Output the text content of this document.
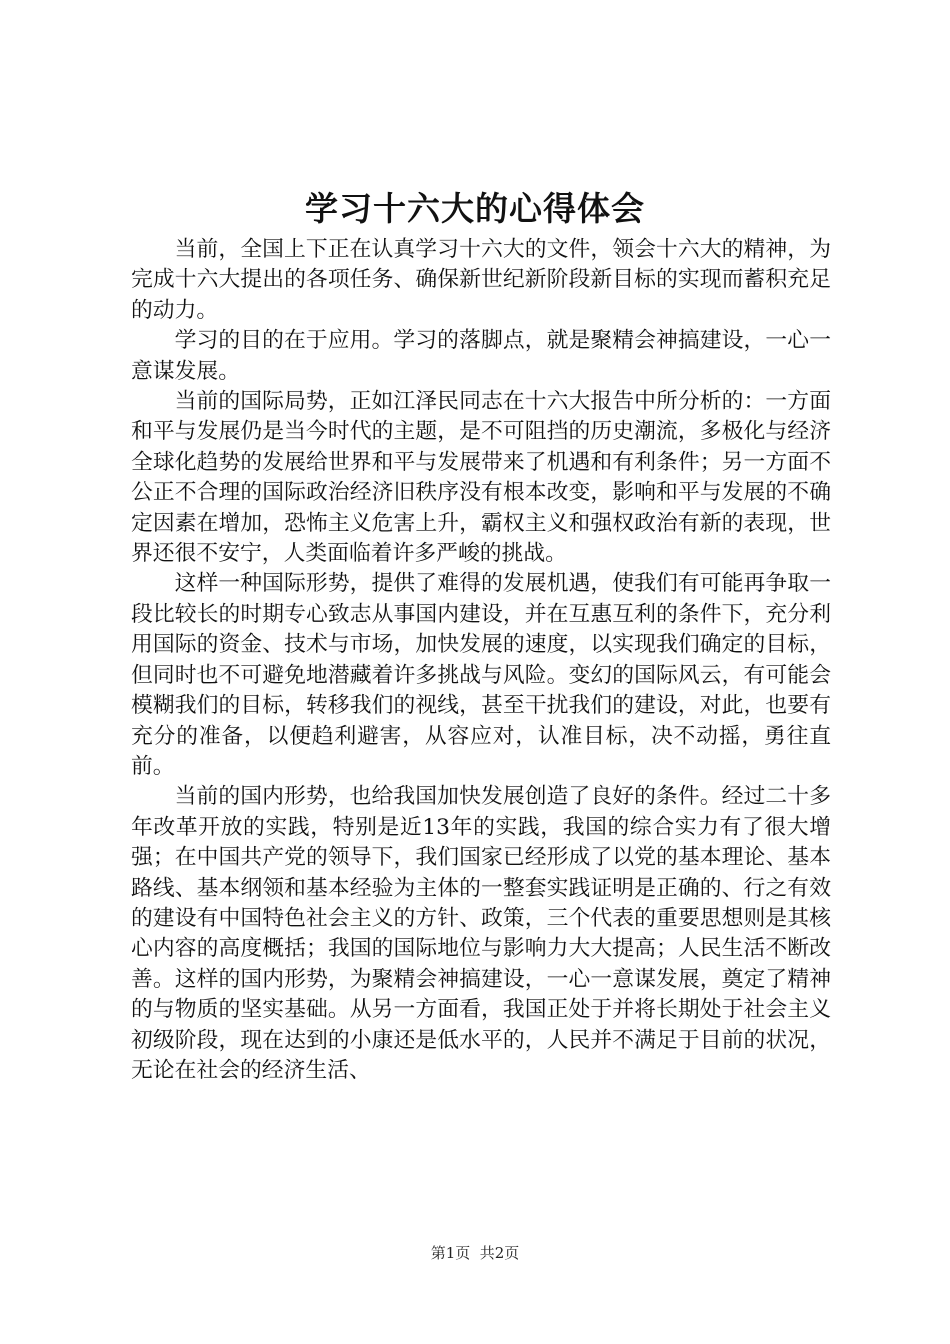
学习十六大的心得体会

当前，全国上下正在认真学习十六大的文件，领会十六大的精神，为完成十六大提出的各项任务、确保新世纪新阶段新目标的实现而蓄积充足的动力。

学习的目的在于应用。学习的落脚点，就是聚精会神搞建设，一心一意谋发展。

当前的国际局势，正如江泽民同志在十六大报告中所分析的：一方面和平与发展仍是当今时代的主题，是不可阻挡的历史潮流，多极化与经济全球化趋势的发展给世界和平与发展带来了机遇和有利条件；另一方面不公正不合理的国际政治经济旧秩序没有根本改变，影响和平与发展的不确定因素在增加，恐怖主义危害上升，霸权主义和强权政治有新的表现，世界还很不安宁，人类面临着许多严峻的挑战。

这样一种国际形势，提供了难得的发展机遇，使我们有可能再争取一段比较长的时期专心致志从事国内建设，并在互惠互利的条件下，充分利用国际的资金、技术与市场，加快发展的速度，以实现我们确定的目标，但同时也不可避免地潜藏着许多挑战与风险。变幻的国际风云，有可能会模糊我们的目标，转移我们的视线，甚至干扰我们的建设，对此，也要有充分的准备，以便趋利避害，从容应对，认准目标，决不动摇，勇往直前。

当前的国内形势，也给我国加快发展创造了良好的条件。经过二十多年改革开放的实践，特别是近13年的实践，我国的综合实力有了很大增强；在中国共产党的领导下，我们国家已经形成了以党的基本理论、基本路线、基本纲领和基本经验为主体的一整套实践证明是正确的、行之有效的建设有中国特色社会主义的方针、政策，三个代表的重要思想则是其核心内容的高度概括；我国的国际地位与影响力大大提高；人民生活不断改善。这样的国内形势，为聚精会神搞建设，一心一意谋发展，奠定了精神的与物质的坚实基础。从另一方面看，我国正处于并将长期处于社会主义初级阶段，现在达到的小康还是低水平的，人民并不满足于目前的状况，无论在社会的经济生活、

第1页  共2页
